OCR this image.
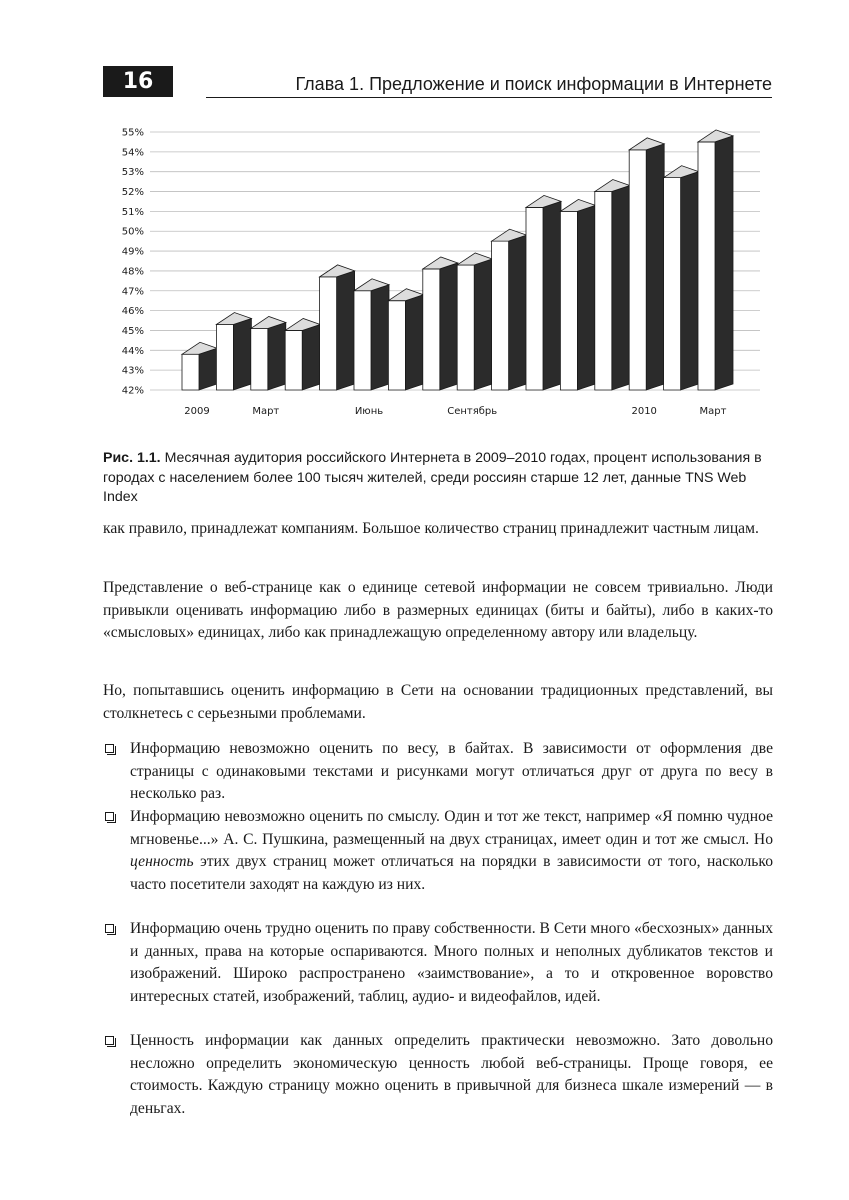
16	Глава 1. Предложение и поиск информации в Интернете
42%
43%
44%
45%
46%
47%
48%
49%
50%
51%
52%
53%
54%
55%
2009	Март	Июнь	Сентябрь	2010	Март
Рис. 1.1. Месячная аудитория российского Интернета в 2009–2010 годах, процент использования в городах с населением более 100 тысяч жителей, среди россиян старше 12 лет, данные TNS Web Index
как правило, принадлежат компаниям. Большое количество страниц принадлежит частным лицам.
Представление о веб-странице как о единице сетевой информации не совсем тривиально. Люди привыкли оценивать информацию либо в размерных единицах (биты и байты), либо в каких-то «смысловых» единицах, либо как принадлежащую определенному автору или владельцу.
Но, попытавшись оценить информацию в Сети на основании традиционных представлений, вы столкнетесь с серьезными проблемами.
Информацию невозможно оценить по весу, в байтах. В зависимости от оформления две страницы с одинаковыми текстами и рисунками могут отличаться друг от друга по весу в несколько раз.
Информацию невозможно оценить по смыслу. Один и тот же текст, например «Я помню чудное мгновенье...» А. С. Пушкина, размещенный на двух страницах, имеет один и тот же смысл. Но ценность этих двух страниц может отличаться на порядки в зависимости от того, насколько часто посетители заходят на каждую из них.
Информацию очень трудно оценить по праву собственности. В Сети много «бесхозных» данных и данных, права на которые оспариваются. Много полных и неполных дубликатов текстов и изображений. Широко распространено «заимствование», а то и откровенное воровство интересных статей, изображений, таблиц, аудио- и видеофайлов, идей.
Ценность информации как данных определить практически невозможно. Зато довольно несложно определить экономическую ценность любой веб-страницы. Проще говоря, ее стоимость. Каждую страницу можно оценить в привычной для бизнеса шкале измерений — в деньгах.
